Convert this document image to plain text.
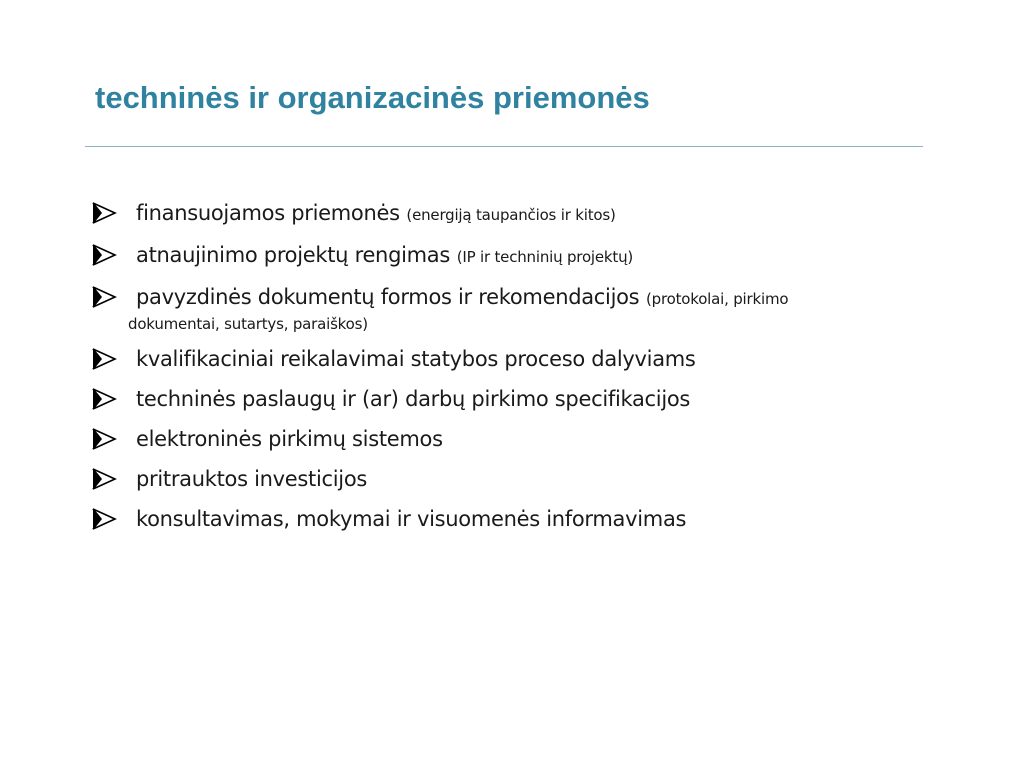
techninės ir organizacinės priemonės
finansuojamos priemonės (energiją taupančios ir kitos)
atnaujinimo projektų rengimas (IP ir techninių projektų)
pavyzdinės dokumentų formos ir rekomendacijos (protokolai, pirkimo
dokumentai, sutartys, paraiškos)
kvalifikaciniai reikalavimai statybos proceso dalyviams
techninės paslaugų ir (ar) darbų pirkimo specifikacijos
elektroninės pirkimų sistemos
pritrauktos investicijos
konsultavimas, mokymai ir visuomenės informavimas
